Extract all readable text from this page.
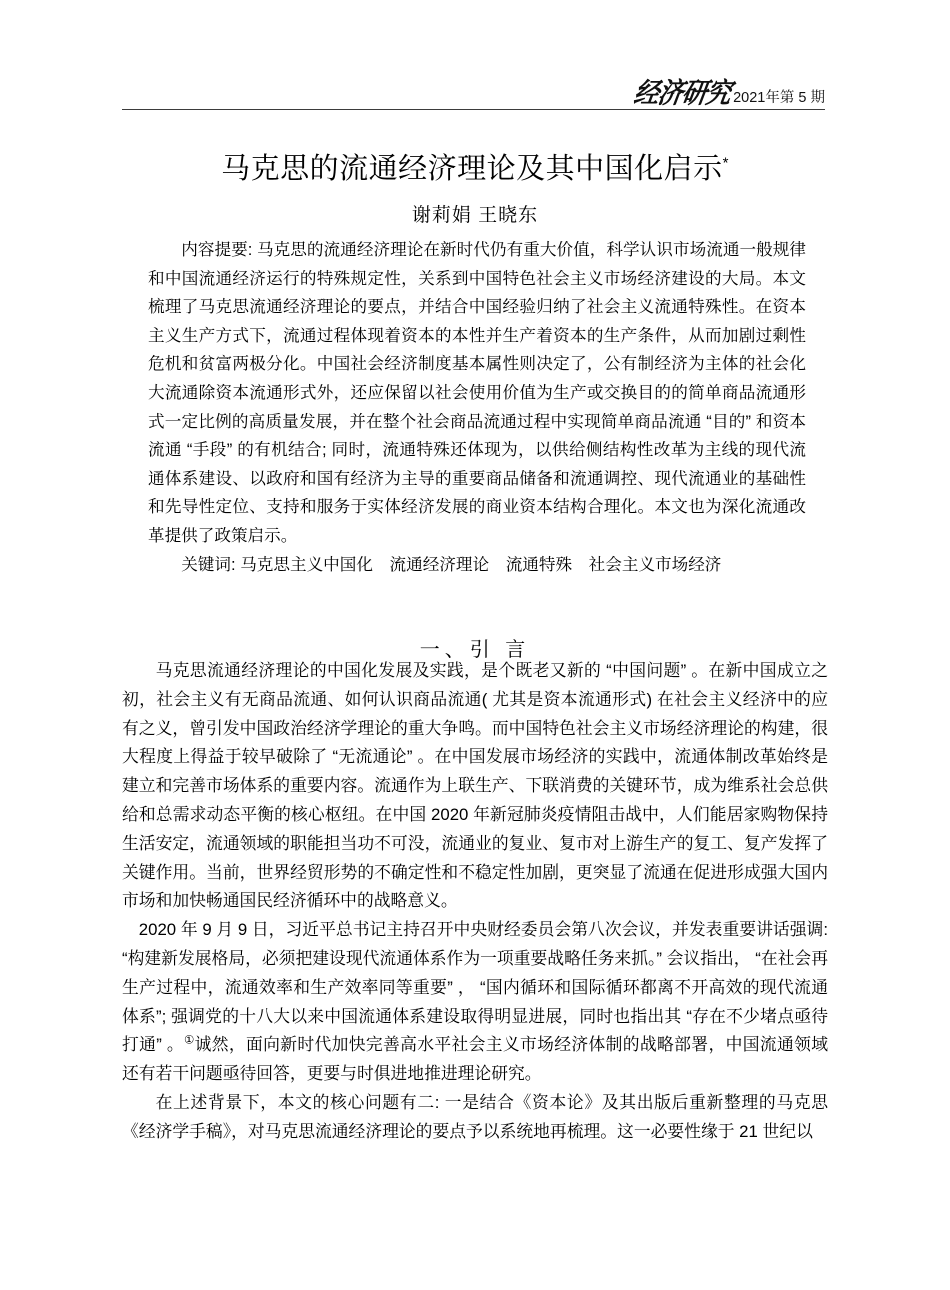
经济研究 2021年第 5 期
马克思的流通经济理论及其中国化启示*
谢莉娟 王晓东

内容提要: 马克思的流通经济理论在新时代仍有重大价值，科学认识市场流通一般规律和中国流通经济运行的特殊规定性，关系到中国特色社会主义市场经济建设的大局。本文梳理了马克思流通经济理论的要点，并结合中国经验归纳了社会主义流通特殊性。在资本主义生产方式下，流通过程体现着资本的本性并生产着资本的生产条件，从而加剧过剩性危机和贫富两极分化。中国社会经济制度基本属性则决定了，公有制经济为主体的社会化大流通除资本流通形式外，还应保留以社会使用价值为生产或交换目的的简单商品流通形式一定比例的高质量发展，并在整个社会商品流通过程中实现简单商品流通 “目的” 和资本流通 “手段” 的有机结合; 同时，流通特殊还体现为，以供给侧结构性改革为主线的现代流通体系建设、以政府和国有经济为主导的重要商品储备和流通调控、现代流通业的基础性和先导性定位、支持和服务于实体经济发展的商业资本结构合理化。本文也为深化流通改革提供了政策启示。

关键词: 马克思主义中国化　流通经济理论　流通特殊　社会主义市场经济

一、引 言

马克思流通经济理论的中国化发展及实践，是个既老又新的 “中国问题” 。在新中国成立之初，社会主义有无商品流通、如何认识商品流通( 尤其是资本流通形式) 在社会主义经济中的应有之义，曾引发中国政治经济学理论的重大争鸣。而中国特色社会主义市场经济理论的构建，很大程度上得益于较早破除了 “无流通论” 。在中国发展市场经济的实践中，流通体制改革始终是建立和完善市场体系的重要内容。流通作为上联生产、下联消费的关键环节，成为维系社会总供给和总需求动态平衡的核心枢纽。在中国 2020 年新冠肺炎疫情阻击战中，人们能居家购物保持生活安定，流通领域的职能担当功不可没，流通业的复业、复市对上游生产的复工、复产发挥了关键作用。当前，世界经贸形势的不确定性和不稳定性加剧，更突显了流通在促进形成强大国内市场和加快畅通国民经济循环中的战略意义。

2020 年 9 月 9 日，习近平总书记主持召开中央财经委员会第八次会议，并发表重要讲话强调: “构建新发展格局，必须把建设现代流通体系作为一项重要战略任务来抓。” 会议指出， “在社会再生产过程中，流通效率和生产效率同等重要” ， “国内循环和国际循环都离不开高效的现代流通体系”; 强调党的十八大以来中国流通体系建设取得明显进展，同时也指出其 “存在不少堵点亟待打通” 。①诚然，面向新时代加快完善高水平社会主义市场经济体制的战略部署，中国流通领域还有若干问题亟待回答，更要与时俱进地推进理论研究。

在上述背景下，本文的核心问题有二: 一是结合《资本论》及其出版后重新整理的马克思《经济学手稿》，对马克思流通经济理论的要点予以系统地再梳理。这一必要性缘于 21 世纪以
